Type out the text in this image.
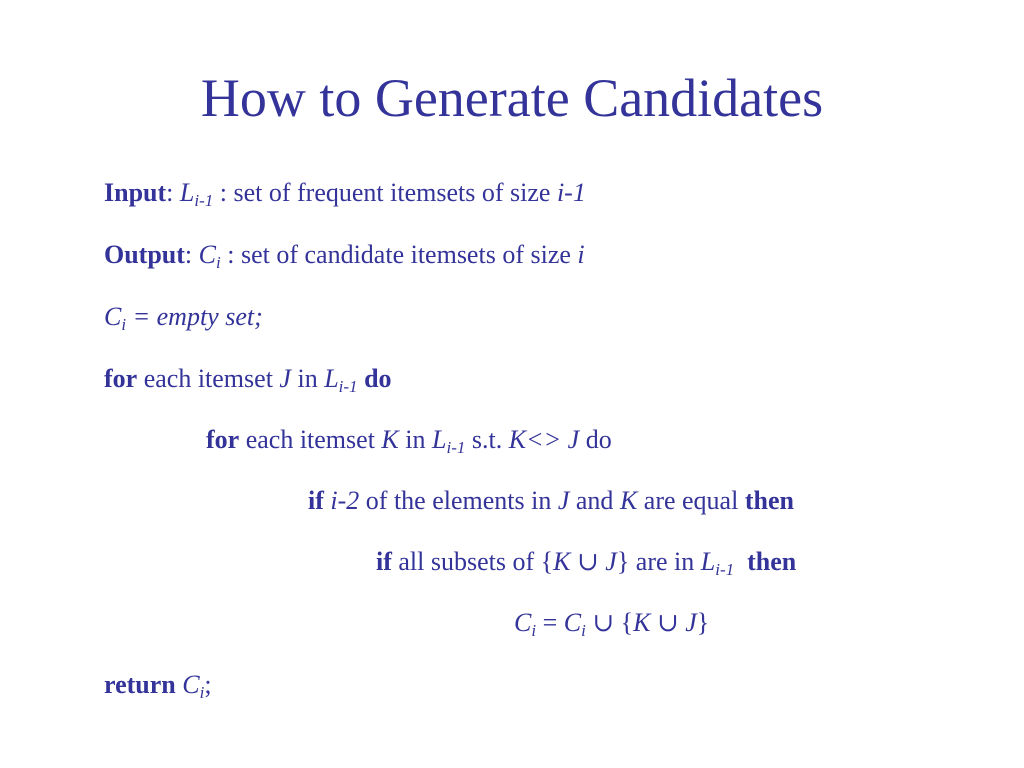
How to Generate Candidates
Input: $L_{i-1}$ : set of frequent itemsets of size i-1
Output: $C_i$ : set of candidate itemsets of size i
$C_i$ = empty set;
for each itemset J in $L_{i-1}$ do
for each itemset K in $L_{i-1}$ s.t. K<> J do
if i-2 of the elements in J and K are equal then
if all subsets of {K ∪ J} are in $L_{i-1}$ then
$C_i = C_i$ ∪ {K ∪ J}
return $C_i$;
